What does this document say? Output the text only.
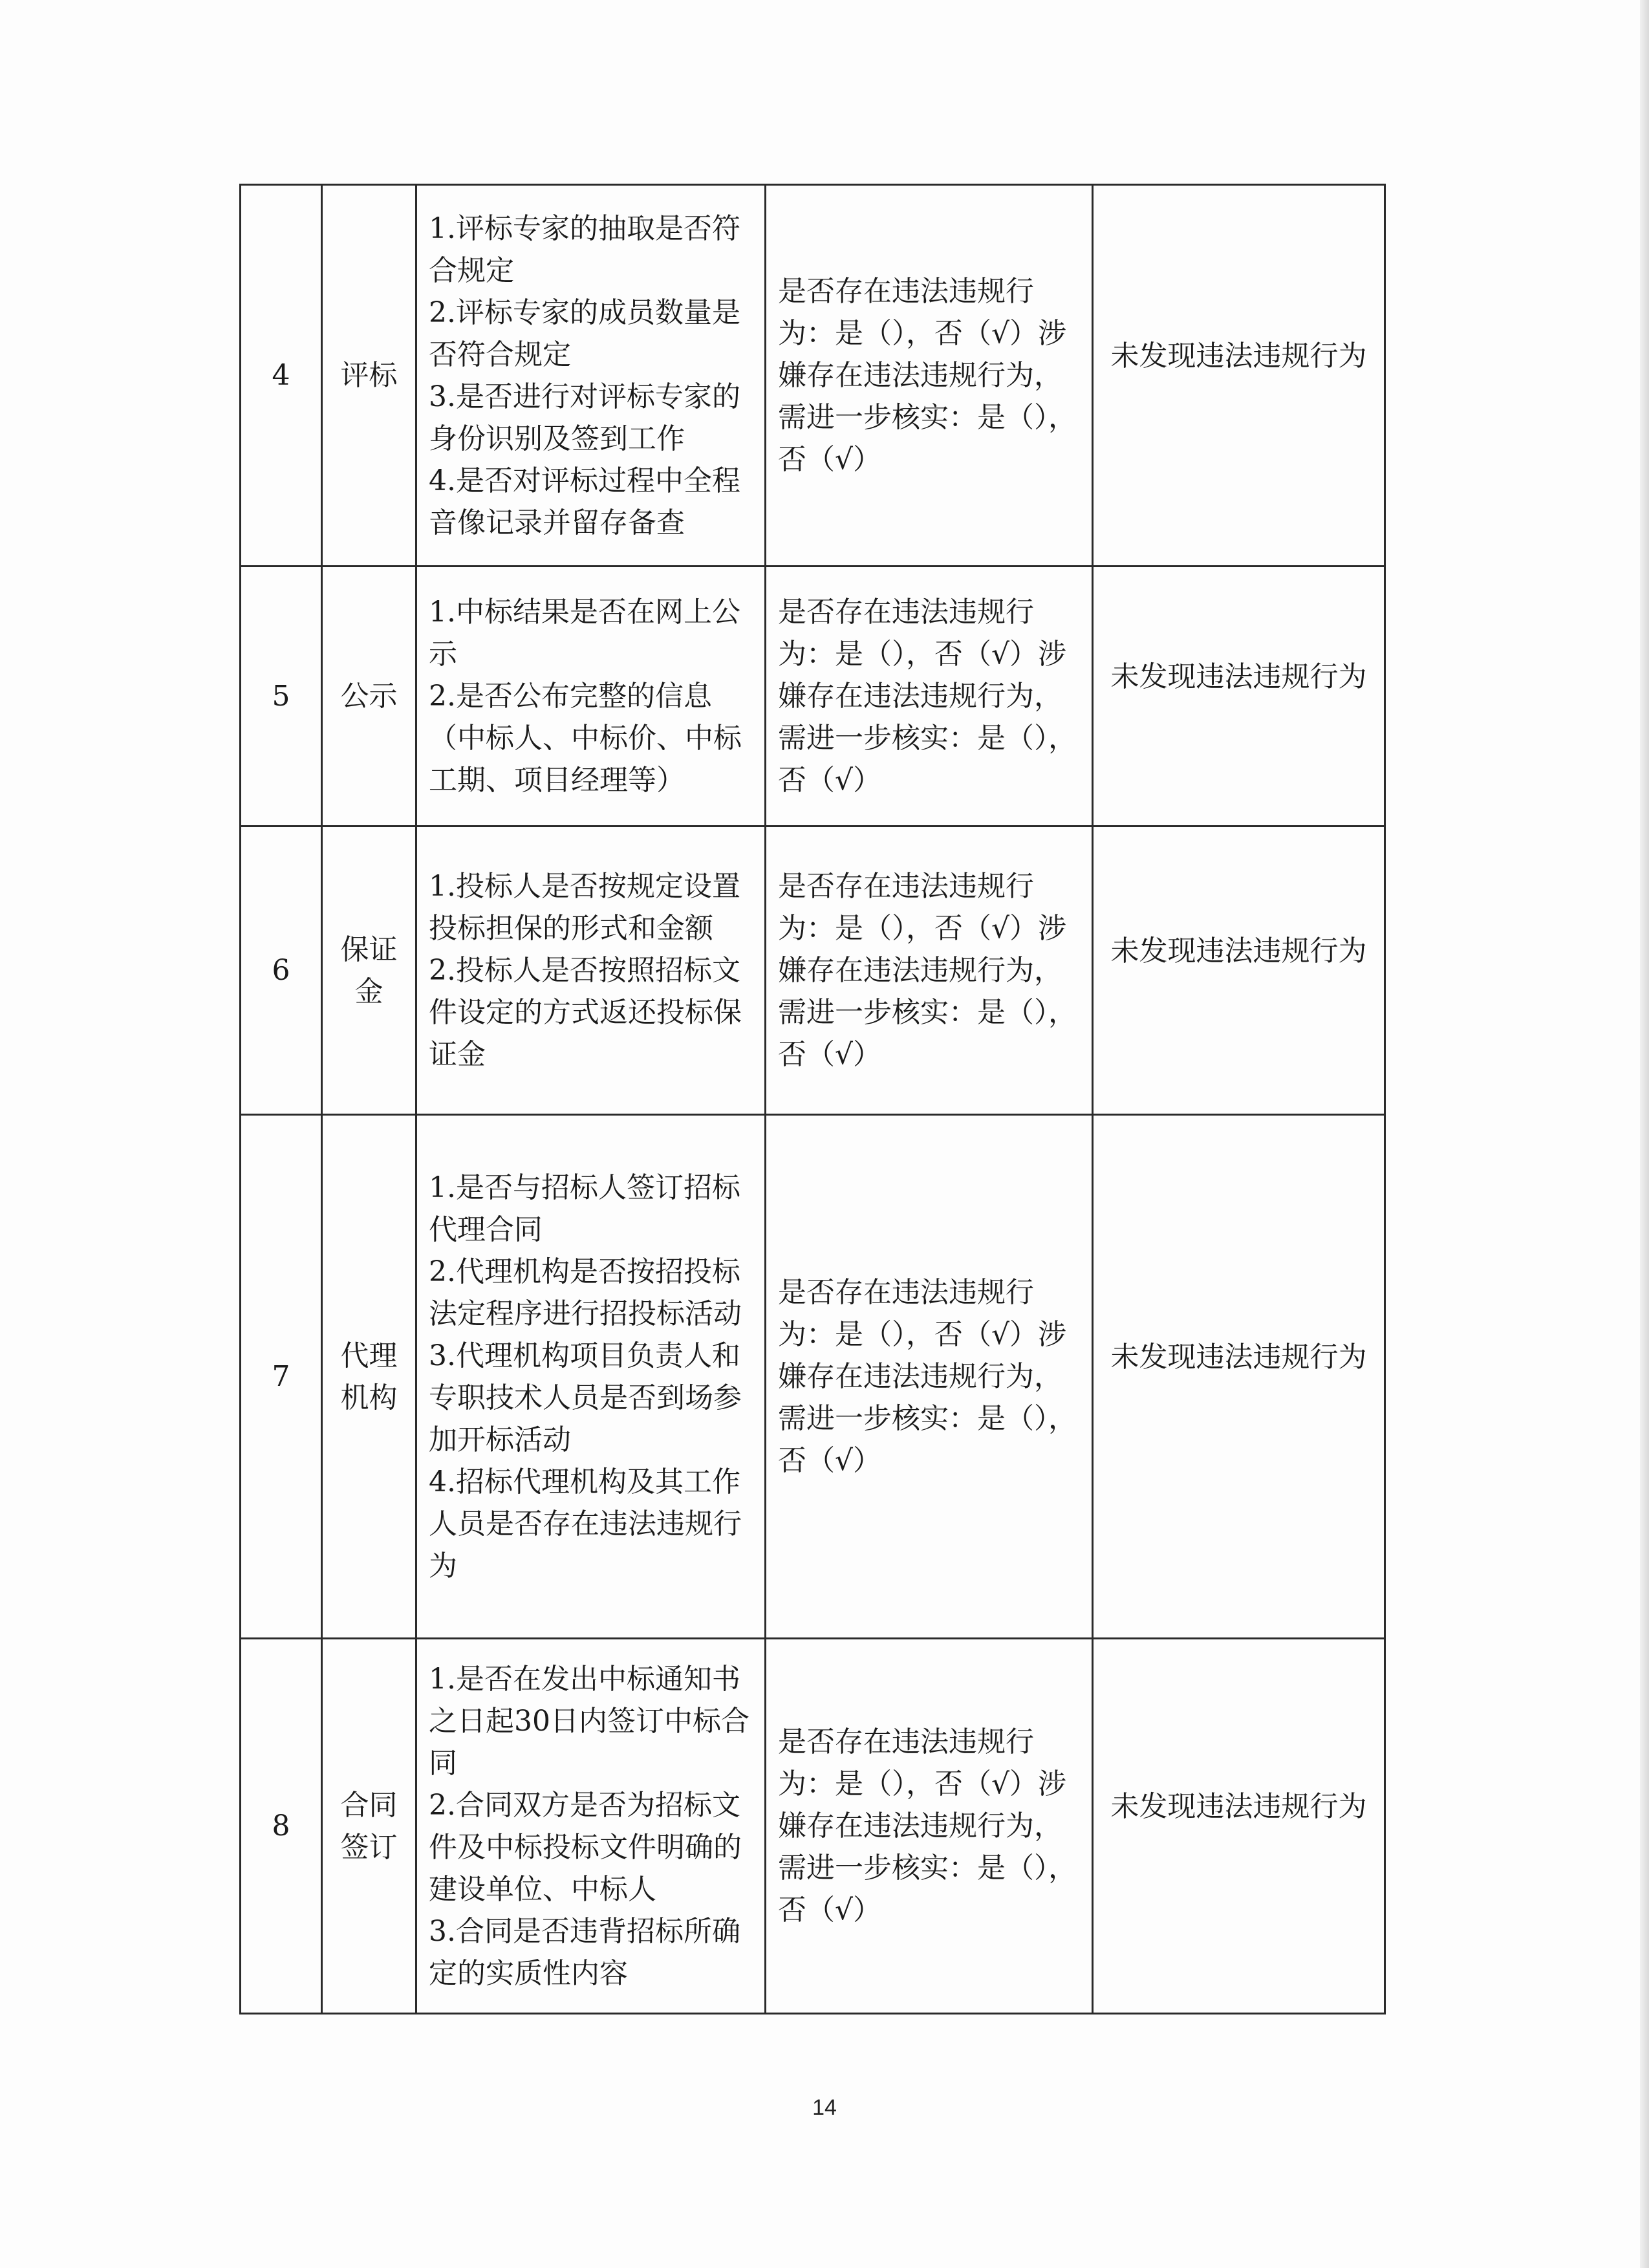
4	评标	1.评标专家的抽取是否符合规定
2.评标专家的成员数量是否符合规定
3.是否进行对评标专家的身份识别及签到工作
4.是否对评标过程中全程音像记录并留存备查	是否存在违法违规行为：是（），否（√）涉嫌存在违法违规行为，需进一步核实：是（），否（√）	未发现违法违规行为

5	公示	1.中标结果是否在网上公示
2.是否公布完整的信息（中标人、中标价、中标工期、项目经理等）	是否存在违法违规行为：是（），否（√）涉嫌存在违法违规行为，需进一步核实：是（），否（√）	未发现违法违规行为

6	保证金	1.投标人是否按规定设置投标担保的形式和金额
2.投标人是否按照招标文件设定的方式返还投标保证金	是否存在违法违规行为：是（），否（√）涉嫌存在违法违规行为，需进一步核实：是（），否（√）	未发现违法违规行为

7	代理机构	1.是否与招标人签订招标代理合同
2.代理机构是否按招投标法定程序进行招投标活动
3.代理机构项目负责人和专职技术人员是否到场参加开标活动
4.招标代理机构及其工作人员是否存在违法违规行为	是否存在违法违规行为：是（），否（√）涉嫌存在违法违规行为，需进一步核实：是（），否（√）	未发现违法违规行为

8	合同签订	1.是否在发出中标通知书之日起30日内签订中标合同
2.合同双方是否为招标文件及中标投标文件明确的建设单位、中标人
3.合同是否违背招标所确定的实质性内容	是否存在违法违规行为：是（），否（√）涉嫌存在违法违规行为，需进一步核实：是（），否（√）	未发现违法违规行为
14
